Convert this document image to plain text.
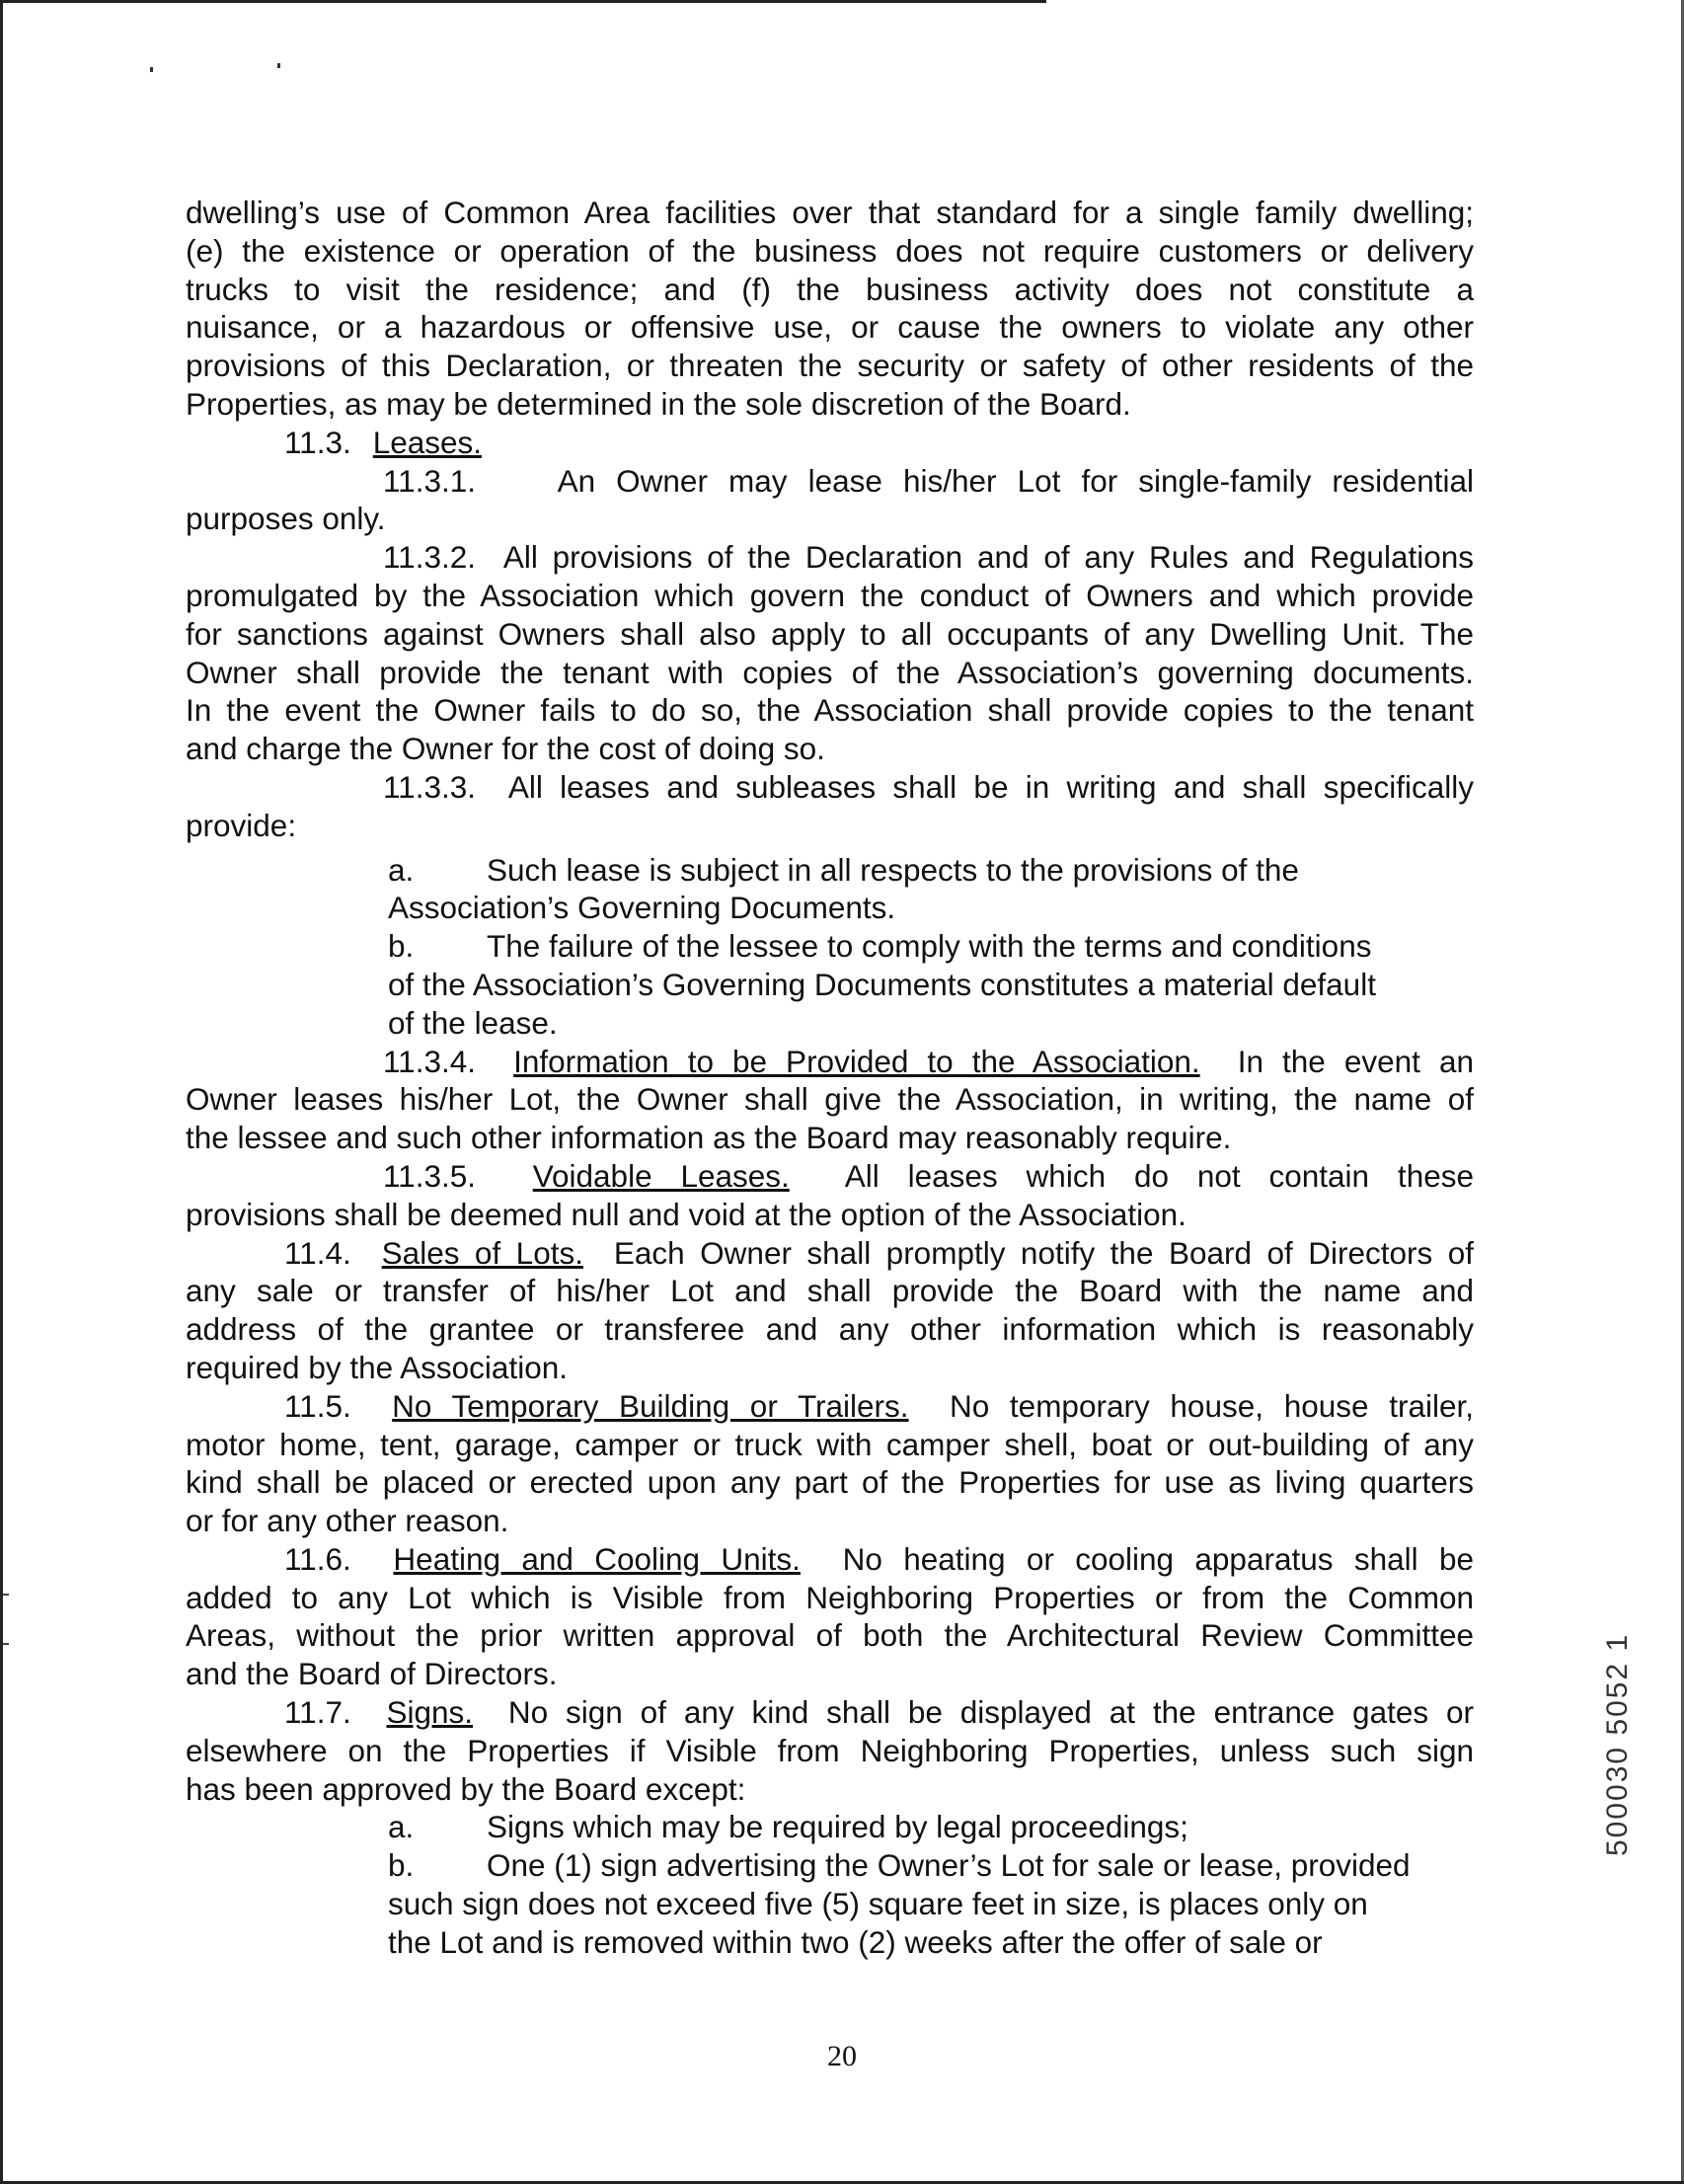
dwelling’s use of Common Area facilities over that standard for a single family dwelling;
(e) the existence or operation of the business does not require customers or delivery
trucks to visit the residence; and (f) the business activity does not constitute a
nuisance, or a hazardous or offensive use, or cause the owners to violate any other
provisions of this Declaration, or threaten the security or safety of other residents of the
Properties, as may be determined in the sole discretion of the Board.
11.3. Leases.
11.3.1.	An Owner may lease his/her Lot for single-family residential
purposes only.
11.3.2. All provisions of the Declaration and of any Rules and Regulations
promulgated by the Association which govern the conduct of Owners and which provide
for sanctions against Owners shall also apply to all occupants of any Dwelling Unit. The
Owner shall provide the tenant with copies of the Association’s governing documents.
In the event the Owner fails to do so, the Association shall provide copies to the tenant
and charge the Owner for the cost of doing so.
11.3.3. All leases and subleases shall be in writing and shall specifically
provide:
a. Such lease is subject in all respects to the provisions of the
Association’s Governing Documents.
b. The failure of the lessee to comply with the terms and conditions
of the Association’s Governing Documents constitutes a material default
of the lease.
11.3.4. Information to be Provided to the Association. In the event an
Owner leases his/her Lot, the Owner shall give the Association, in writing, the name of
the lessee and such other information as the Board may reasonably require.
11.3.5. Voidable Leases. All leases which do not contain these
provisions shall be deemed null and void at the option of the Association.
11.4. Sales of Lots. Each Owner shall promptly notify the Board of Directors of
any sale or transfer of his/her Lot and shall provide the Board with the name and
address of the grantee or transferee and any other information which is reasonably
required by the Association.
11.5. No Temporary Building or Trailers. No temporary house, house trailer,
motor home, tent, garage, camper or truck with camper shell, boat or out-building of any
kind shall be placed or erected upon any part of the Properties for use as living quarters
or for any other reason.
11.6. Heating and Cooling Units. No heating or cooling apparatus shall be
added to any Lot which is Visible from Neighboring Properties or from the Common
Areas, without the prior written approval of both the Architectural Review Committee
and the Board of Directors.
11.7. Signs. No sign of any kind shall be displayed at the entrance gates or
elsewhere on the Properties if Visible from Neighboring Properties, unless such sign
has been approved by the Board except:
a. Signs which may be required by legal proceedings;
b. One (1) sign advertising the Owner’s Lot for sale or lease, provided
such sign does not exceed five (5) square feet in size, is places only on
the Lot and is removed within two (2) weeks after the offer of sale or
20
500030 5052 1
